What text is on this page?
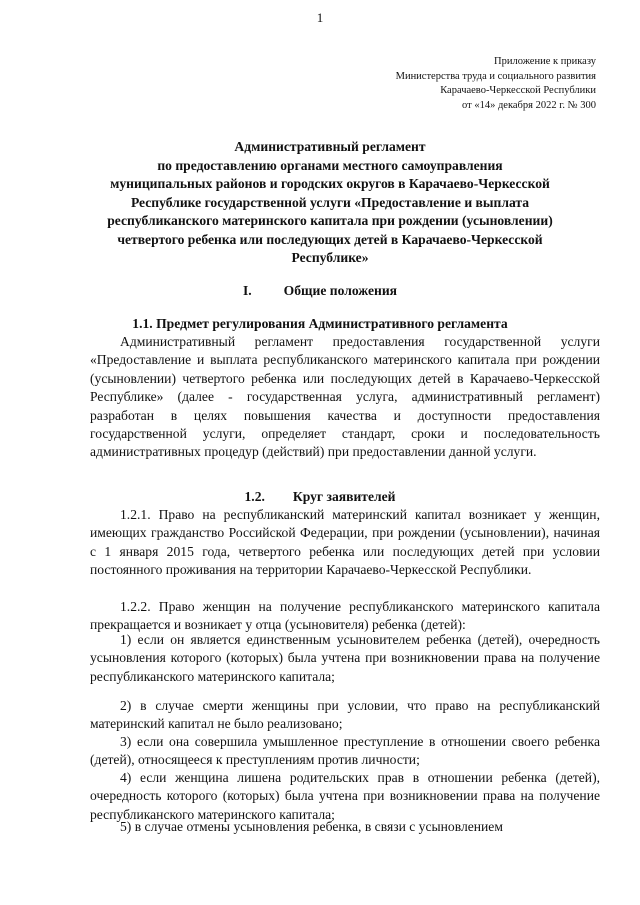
1
Приложение к приказу
Министерства труда и социального развития
Карачаево-Черкесской Республики
от «14» декабря 2022 г. № 300
Административный регламент
по предоставлению органами местного самоуправления
муниципальных районов и городских округов в Карачаево-Черкесской
Республике государственной услуги «Предоставление и выплата
республиканского материнского капитала при рождении (усыновлении)
четвертого ребенка или последующих детей в Карачаево-Черкесской
Республике»
I. Общие положения
1.1. Предмет регулирования Административного регламента

Административный регламент предоставления государственной услуги «Предоставление и выплата республиканского материнского капитала при рождении (усыновлении) четвертого ребенка или последующих детей в Карачаево-Черкесской Республике» (далее - государственная услуга, административный регламент) разработан в целях повышения качества и доступности предоставления государственной услуги, определяет стандарт, сроки и последовательность административных процедур (действий) при предоставлении данной услуги.

1.2. Круг заявителей

1.2.1. Право на республиканский материнский капитал возникает у женщин, имеющих гражданство Российской Федерации, при рождении (усыновлении), начиная с 1 января 2015 года, четвертого ребенка или последующих детей при условии постоянного проживания на территории Карачаево-Черкесской Республики.

1.2.2. Право женщин на получение республиканского материнского капитала прекращается и возникает у отца (усыновителя) ребенка (детей):

1) если он является единственным усыновителем ребенка (детей), очередность усыновления которого (которых) была учтена при возникновении права на получение республиканского материнского капитала;

2) в случае смерти женщины при условии, что право на республиканский материнский капитал не было реализовано;

3) если она совершила умышленное преступление в отношении своего ребенка (детей), относящееся к преступлениям против личности;

4) если женщина лишена родительских прав в отношении ребенка (детей), очередность которого (которых) была учтена при возникновении права на получение республиканского материнского капитала;

5) в случае отмены усыновления ребенка, в связи с усыновлением
